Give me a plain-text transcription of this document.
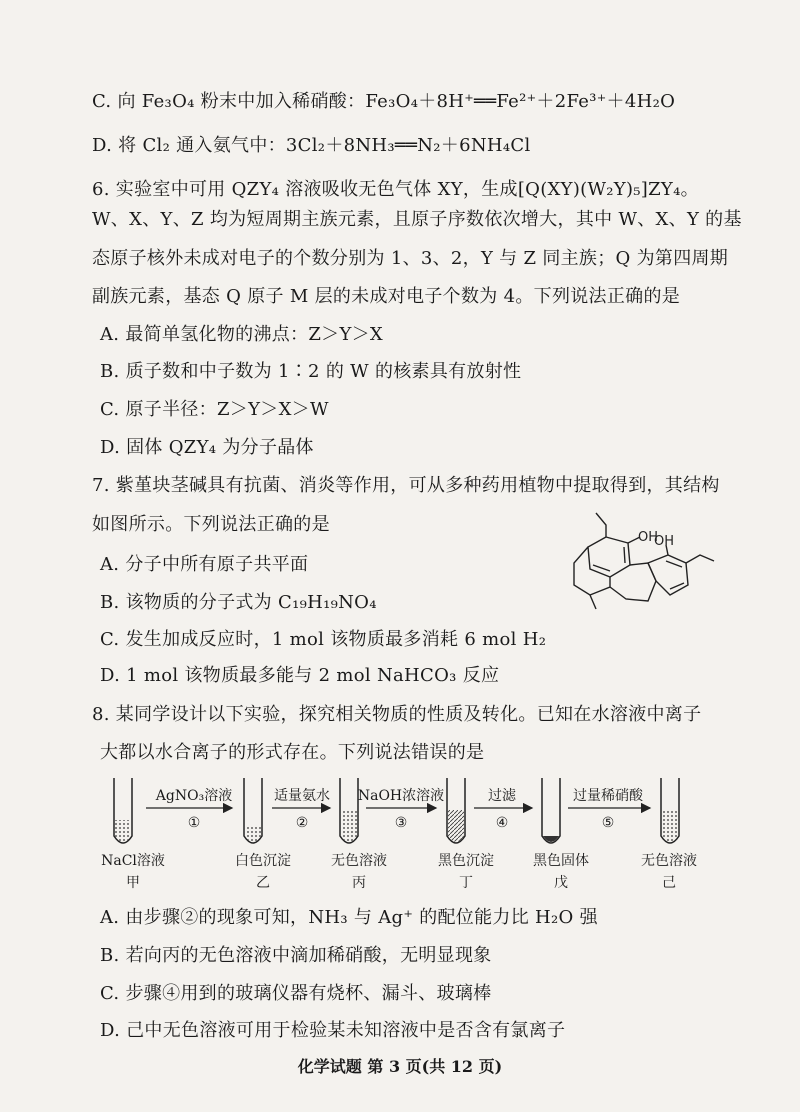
C. 向 Fe₃O₄ 粉末中加入稀硝酸：Fe₃O₄＋8H⁺══Fe²⁺＋2Fe³⁺＋4H₂O
D. 将 Cl₂ 通入氨气中：3Cl₂＋8NH₃══N₂＋6NH₄Cl
6. 实验室中可用 QZY₄ 溶液吸收无色气体 XY，生成[Q(XY)(W₂Y)₅]ZY₄。
W、X、Y、Z 均为短周期主族元素，且原子序数依次增大，其中 W、X、Y 的基
态原子核外未成对电子的个数分别为 1、3、2，Y 与 Z 同主族；Q 为第四周期
副族元素，基态 Q 原子 M 层的未成对电子个数为 4。下列说法正确的是
A. 最简单氢化物的沸点：Z＞Y＞X
B. 质子数和中子数为 1∶2 的 W 的核素具有放射性
C. 原子半径：Z＞Y＞X＞W
D. 固体 QZY₄ 为分子晶体
7. 紫堇块茎碱具有抗菌、消炎等作用，可从多种药用植物中提取得到，其结构
如图所示。下列说法正确的是
A. 分子中所有原子共平面
B. 该物质的分子式为 C₁₉H₁₉NO₄
C. 发生加成反应时，1 mol 该物质最多消耗 6 mol H₂
D. 1 mol 该物质最多能与 2 mol NaHCO₃ 反应
OH
OH
8. 某同学设计以下实验，探究相关物质的性质及转化。已知在水溶液中离子
大都以水合离子的形式存在。下列说法错误的是
AgNO₃溶液
①
适量氨水
②
NaOH浓溶液
③
过滤
④
过量稀硝酸
⑤
NaCl溶液
甲
白色沉淀
乙
无色溶液
丙
黑色沉淀
丁
黑色固体
戊
无色溶液
己
A. 由步骤②的现象可知，NH₃ 与 Ag⁺ 的配位能力比 H₂O 强
B. 若向丙的无色溶液中滴加稀硝酸，无明显现象
C. 步骤④用到的玻璃仪器有烧杯、漏斗、玻璃棒
D. 己中无色溶液可用于检验某未知溶液中是否含有氯离子
化学试题 第 3 页(共 12 页)
